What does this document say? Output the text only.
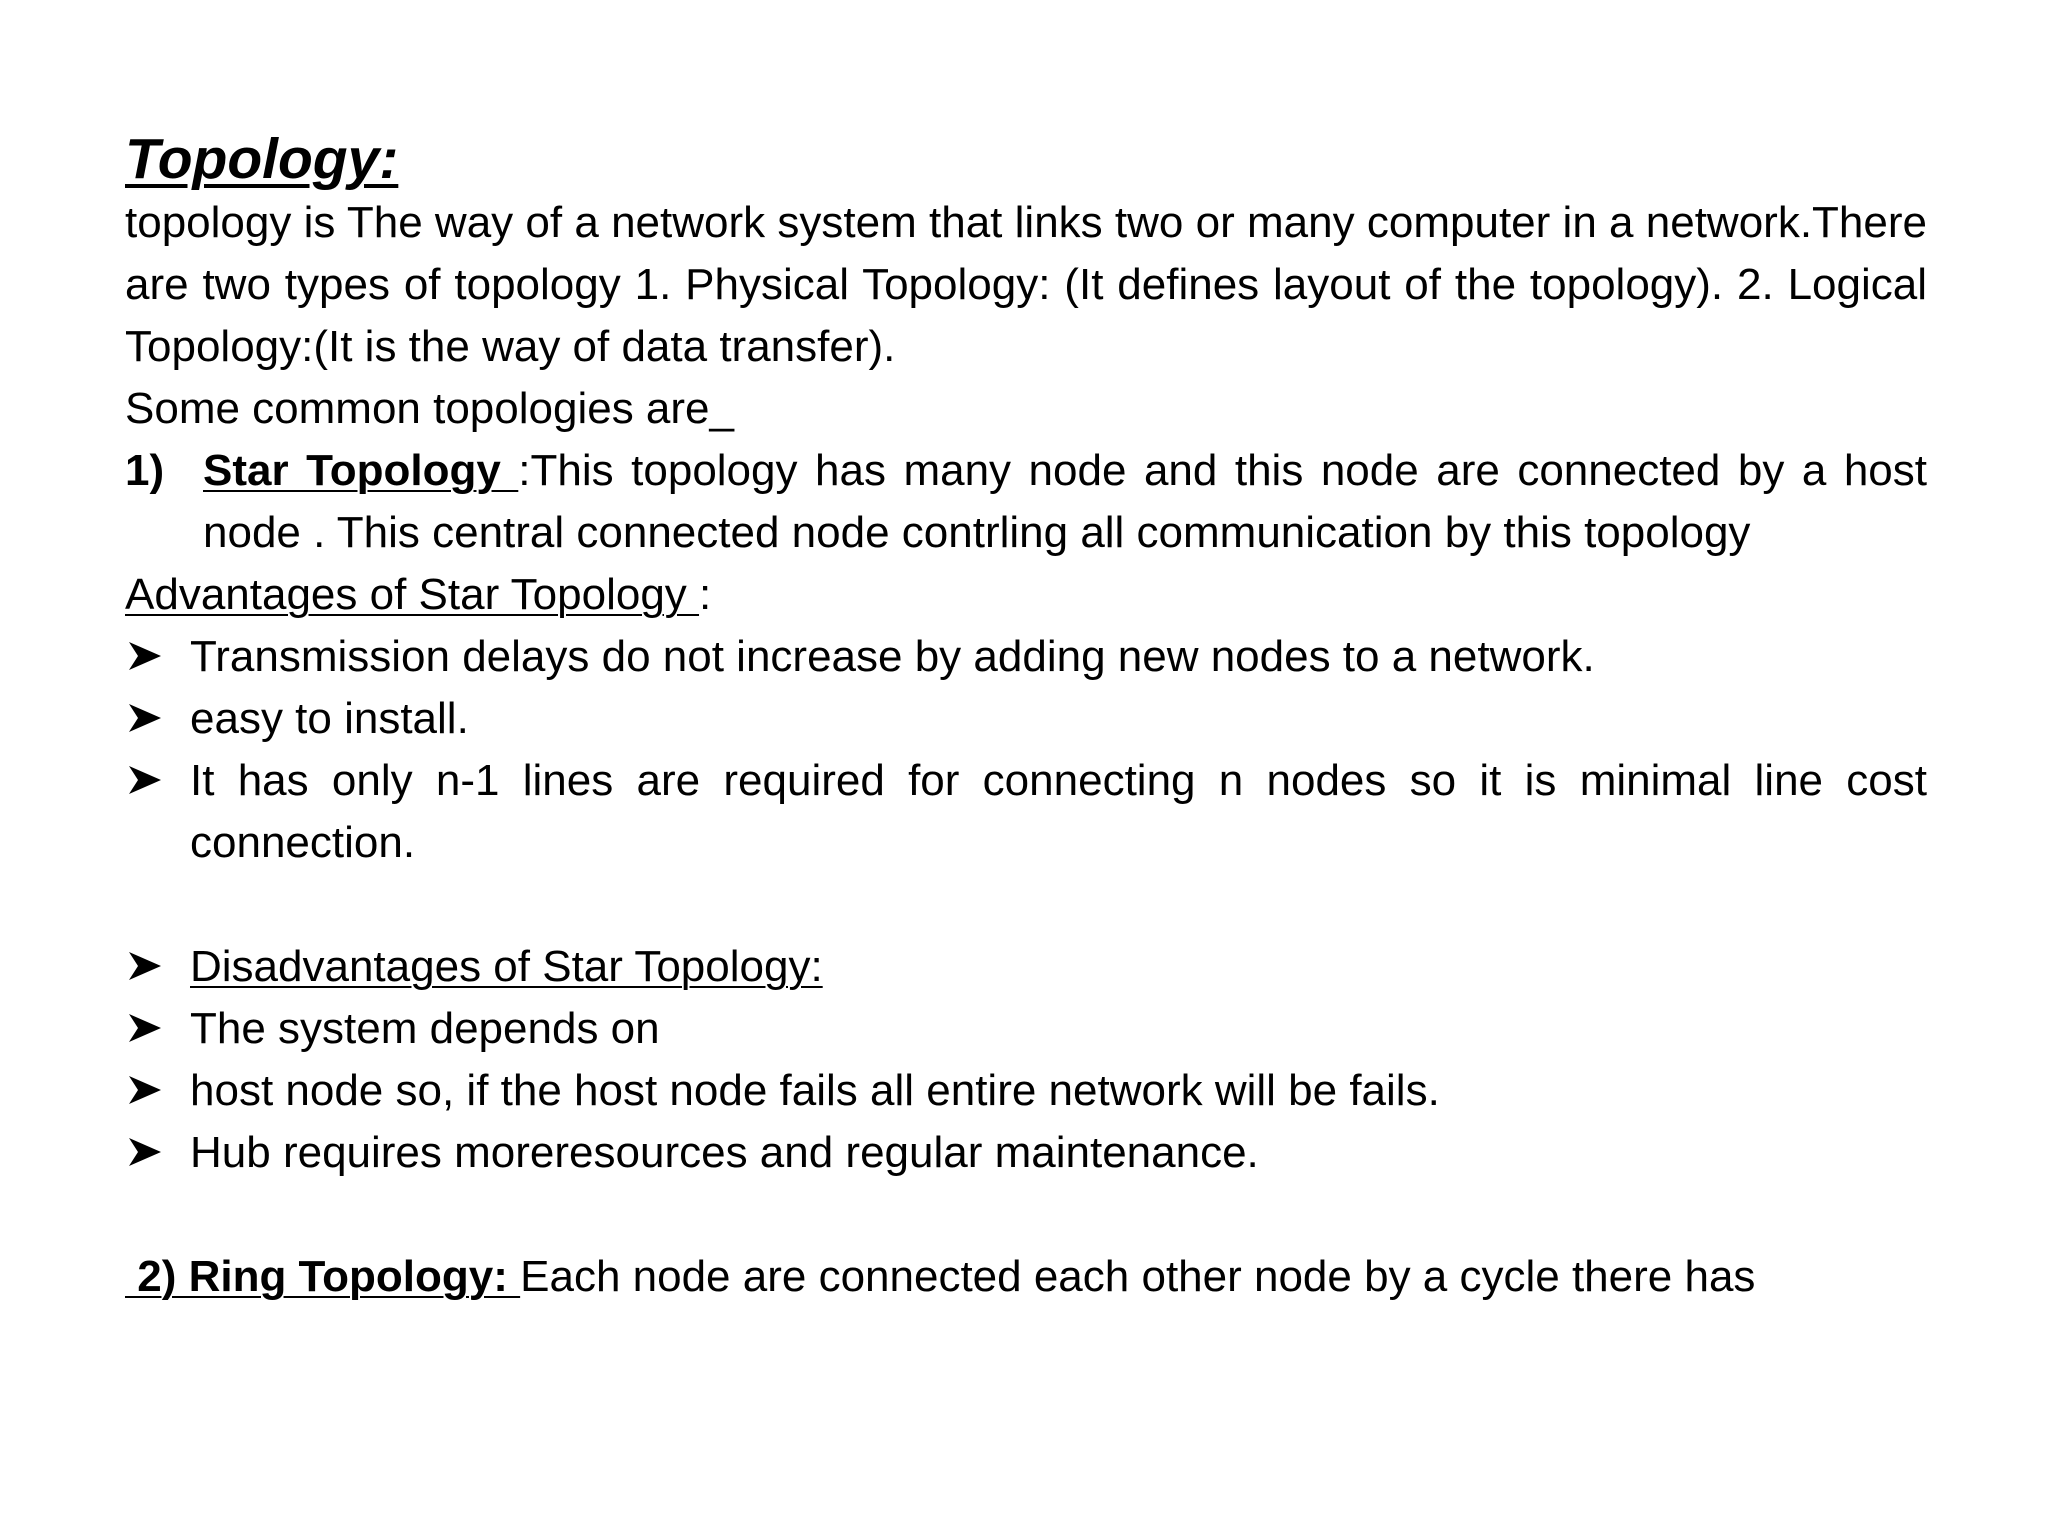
Topology:

topology is The way of a network system that links two or many computer in a network.There are two types of topology 1. Physical Topology: (It defines layout of the topology). 2. Logical Topology:(It is the way of data transfer).

Some common topologies are_

1) Star Topology :This topology has many node and this node are connected by a host node . This central connected node contrling all communication by this topology

Advantages of Star Topology :

Transmission delays do not increase by adding new nodes to a network.
easy to install.
It has only n-1 lines are required for connecting n nodes so it is minimal line cost connection.
Disadvantages of Star Topology:
The system depends on
host node so, if the host node fails all entire network will be fails.
Hub requires moreresources and regular maintenance.

2) Ring Topology: Each node are connected each other node by a cycle there has
